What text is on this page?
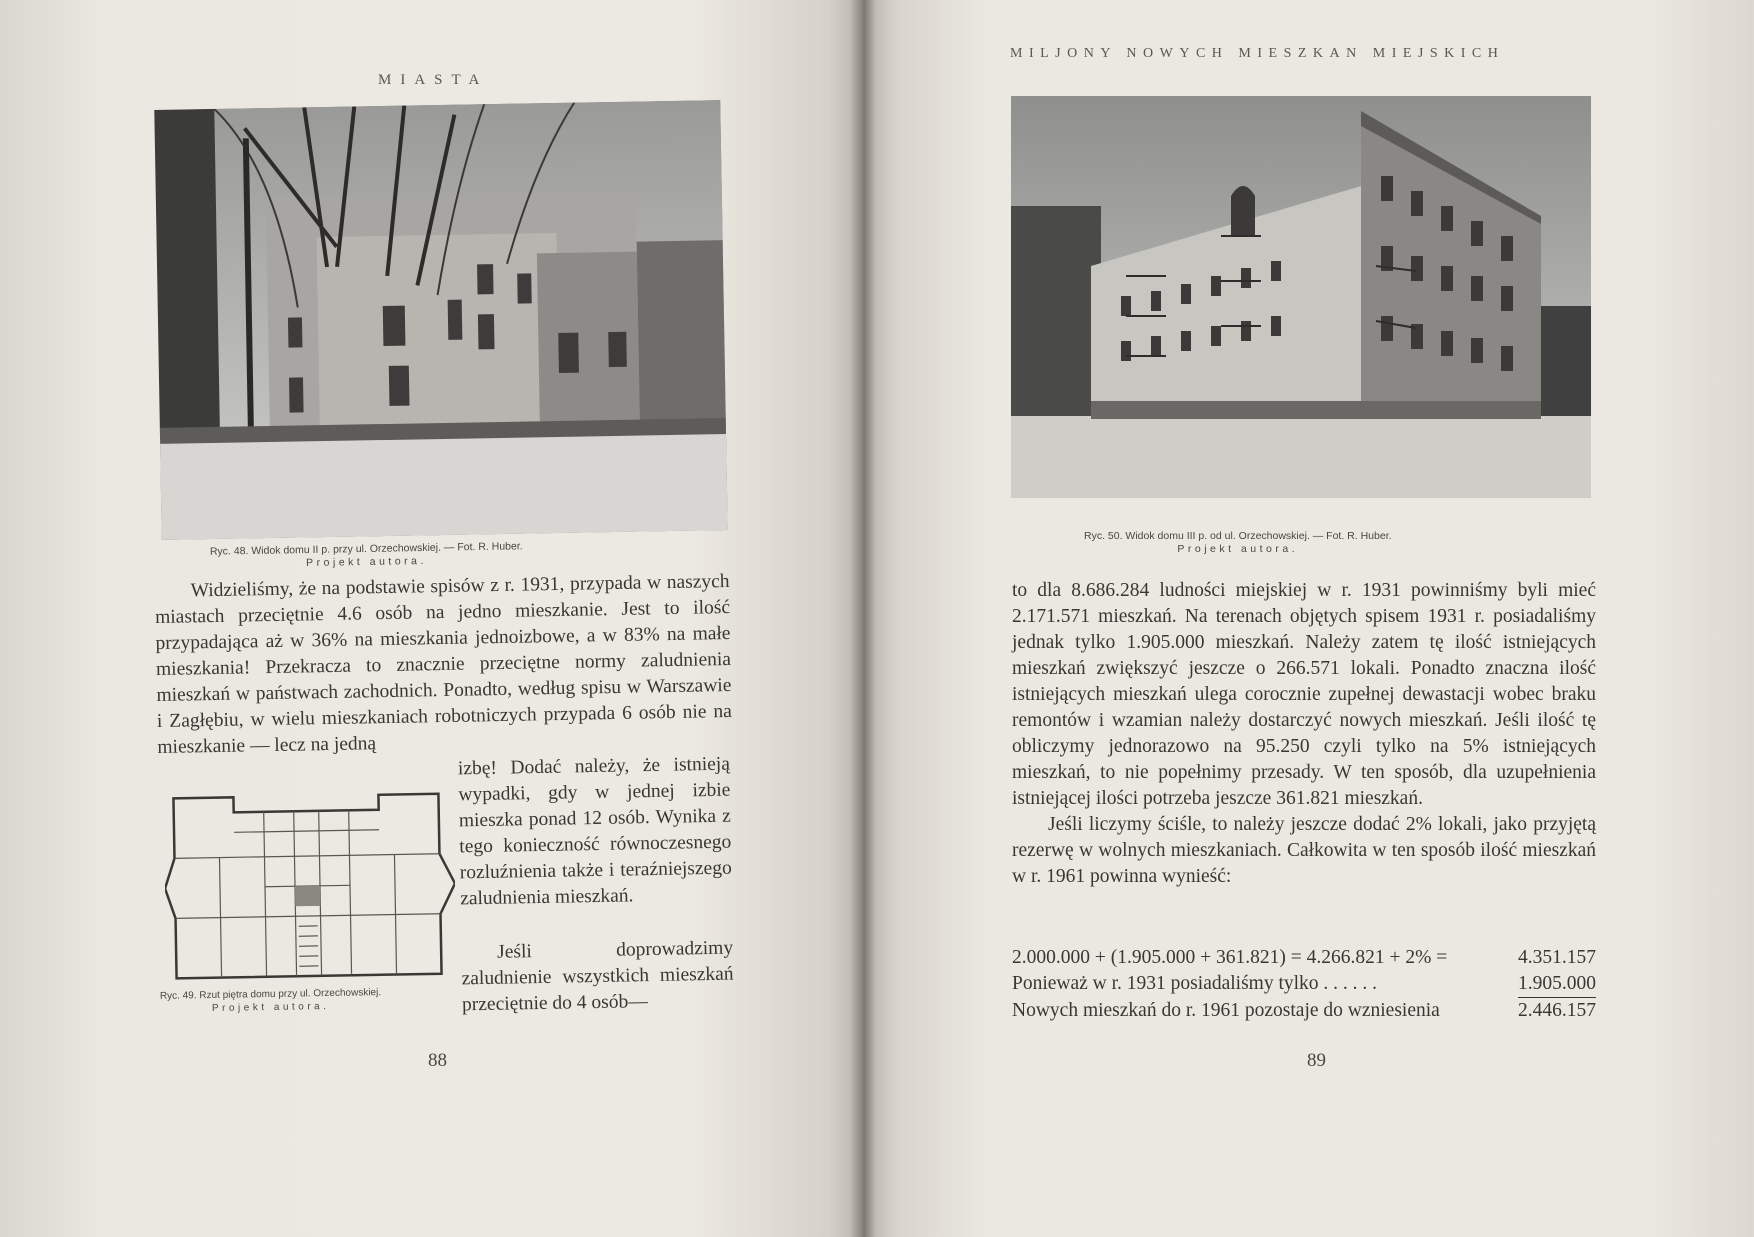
MIASTA
Ryc. 48. Widok domu II p. przy ul. Orzechowskiej. — Fot. R. Huber.
Projekt autora.

Widzieliśmy, że na podstawie spisów z r. 1931, przypada w naszych miastach przeciętnie 4.6 osób na jedno mieszkanie. Jest to ilość przypadająca aż w 36% na mieszkania jednoizbowe, a w 83% na małe mieszkania! Przekracza to znacznie przeciętne normy zaludnienia mieszkań w państwach zachodnich. Ponadto, według spisu w Warszawie i Zagłębiu, w wielu mieszkaniach robotniczych przypada 6 osób nie na mieszkanie — lecz na jedną

izbę! Dodać należy, że istnieją wypadki, gdy w jednej izbie mieszka ponad 12 osób. Wynika z tego konieczność równoczesnego rozluźnienia także i teraźniejszego zaludnienia mieszkań.

Jeśli doprowadzimy zaludnienie wszystkich mieszkań przeciętnie do 4 osób—

Ryc. 49. Rzut piętra domu przy ul. Orzechowskiej.
Projekt autora.
88
MILJONY NOWYCH MIESZKAN MIEJSKICH
Ryc. 50. Widok domu III p. od ul. Orzechowskiej. — Fot. R. Huber.
Projekt autora.

to dla 8.686.284 ludności miejskiej w r. 1931 powinniśmy byli mieć 2.171.571 mieszkań. Na terenach objętych spisem 1931 r. posiadaliśmy jednak tylko 1.905.000 mieszkań. Należy zatem tę ilość istniejących mieszkań zwiększyć jeszcze o 266.571 lokali. Ponadto znaczna ilość istniejących mieszkań ulega corocznie zupełnej dewastacji wobec braku remontów i wzamian należy dostarczyć nowych mieszkań. Jeśli ilość tę obliczymy jednorazowo na 95.250 czyli tylko na 5% istniejących mieszkań, to nie popełnimy przesady. W ten sposób, dla uzupełnienia istniejącej ilości potrzeba jeszcze 361.821 mieszkań.

Jeśli liczymy ściśle, to należy jeszcze dodać 2% lokali, jako przyjętą rezerwę w wolnych mieszkaniach. Całkowita w ten sposób ilość mieszkań w r. 1961 powinna wynieść:

2.000.000 + (1.905.000 + 361.821) = 4.266.821 + 2% =	4.351.157
Ponieważ w r. 1931 posiadaliśmy tylko . . . . . .	1.905.000
Nowych mieszkań do r. 1961 pozostaje do wzniesienia	2.446.157
89
